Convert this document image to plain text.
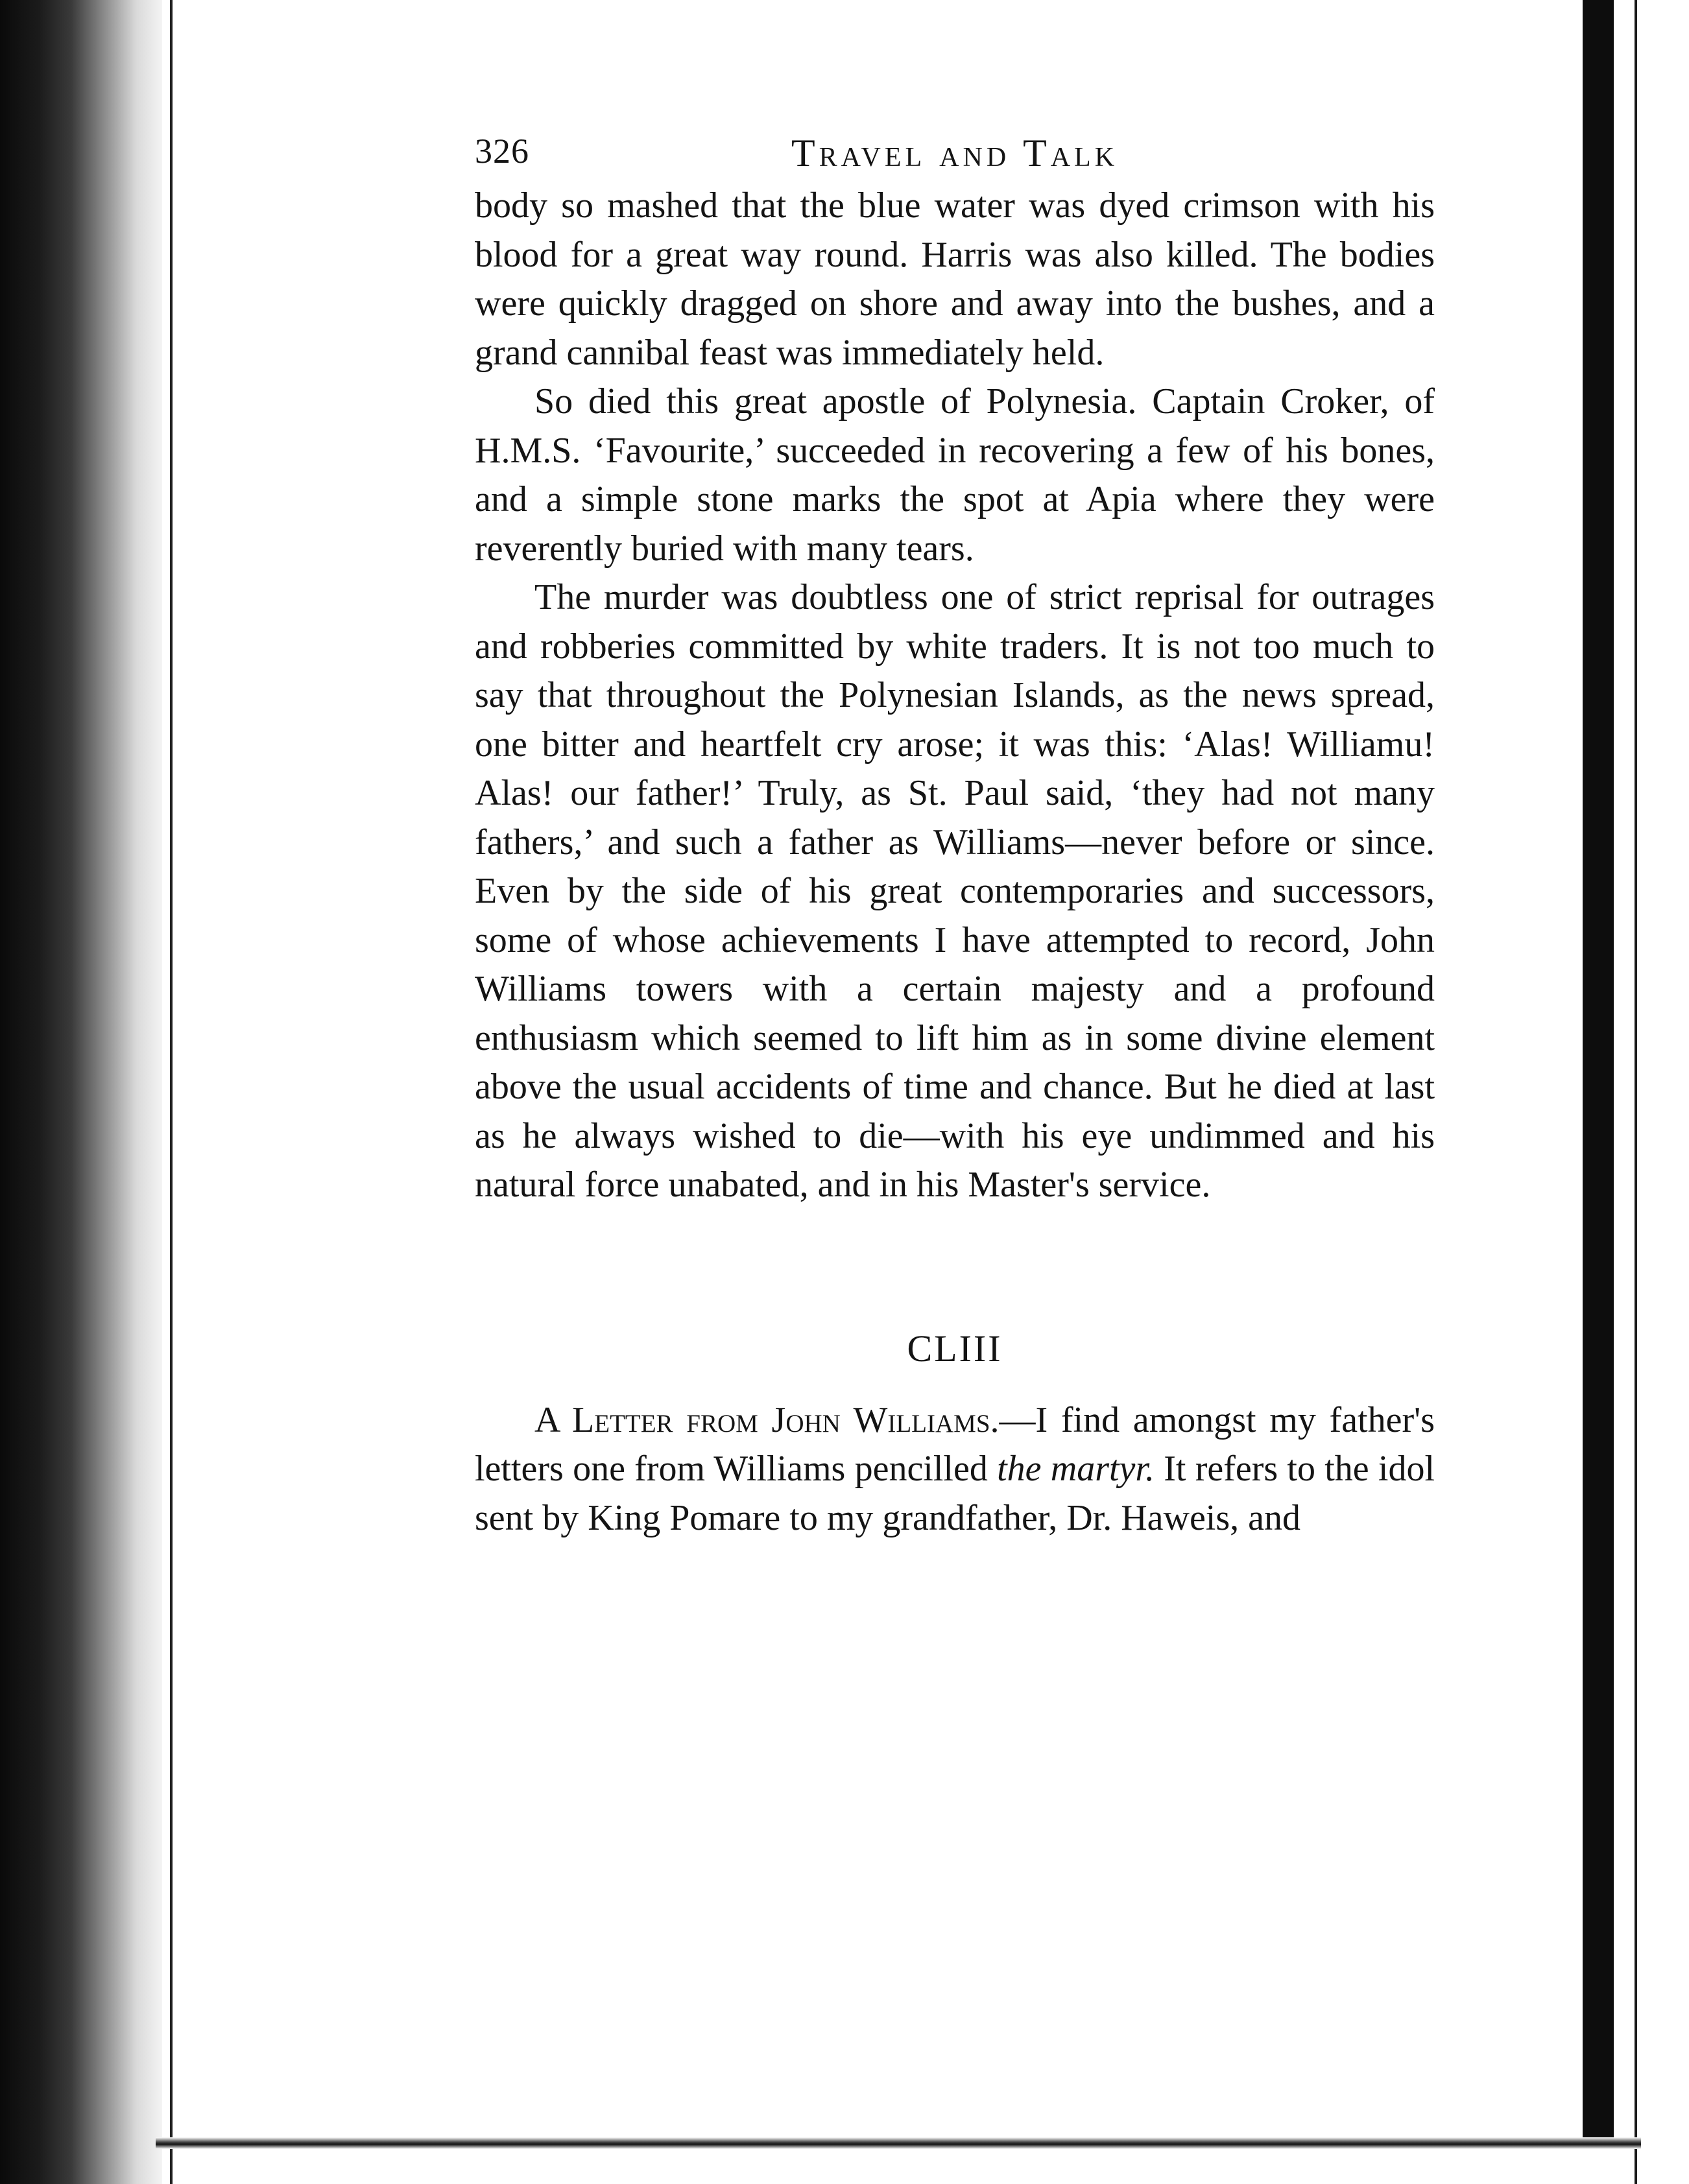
326	Travel and Talk

body so mashed that the blue water was dyed crimson with his blood for a great way round. Harris was also killed. The bodies were quickly dragged on shore and away into the bushes, and a grand cannibal feast was immediately held.

So died this great apostle of Polynesia. Captain Croker, of H.M.S. ‘Favourite,’ succeeded in recovering a few of his bones, and a simple stone marks the spot at Apia where they were reverently buried with many tears.

The murder was doubtless one of strict reprisal for outrages and robberies committed by white traders. It is not too much to say that throughout the Polynesian Islands, as the news spread, one bitter and heartfelt cry arose; it was this: ‘Alas! Williamu! Alas! our father!’ Truly, as St. Paul said, ‘they had not many fathers,’ and such a father as Williams—never before or since. Even by the side of his great contemporaries and successors, some of whose achievements I have attempted to record, John Williams towers with a certain majesty and a profound enthusiasm which seemed to lift him as in some divine element above the usual accidents of time and chance. But he died at last as he always wished to die—with his eye undimmed and his natural force unabated, and in his Master's service.

CLIII

A Letter from John Williams.—I find amongst my father's letters one from Williams pencilled the martyr. It refers to the idol sent by King Pomare to my grandfather, Dr. Haweis, and
